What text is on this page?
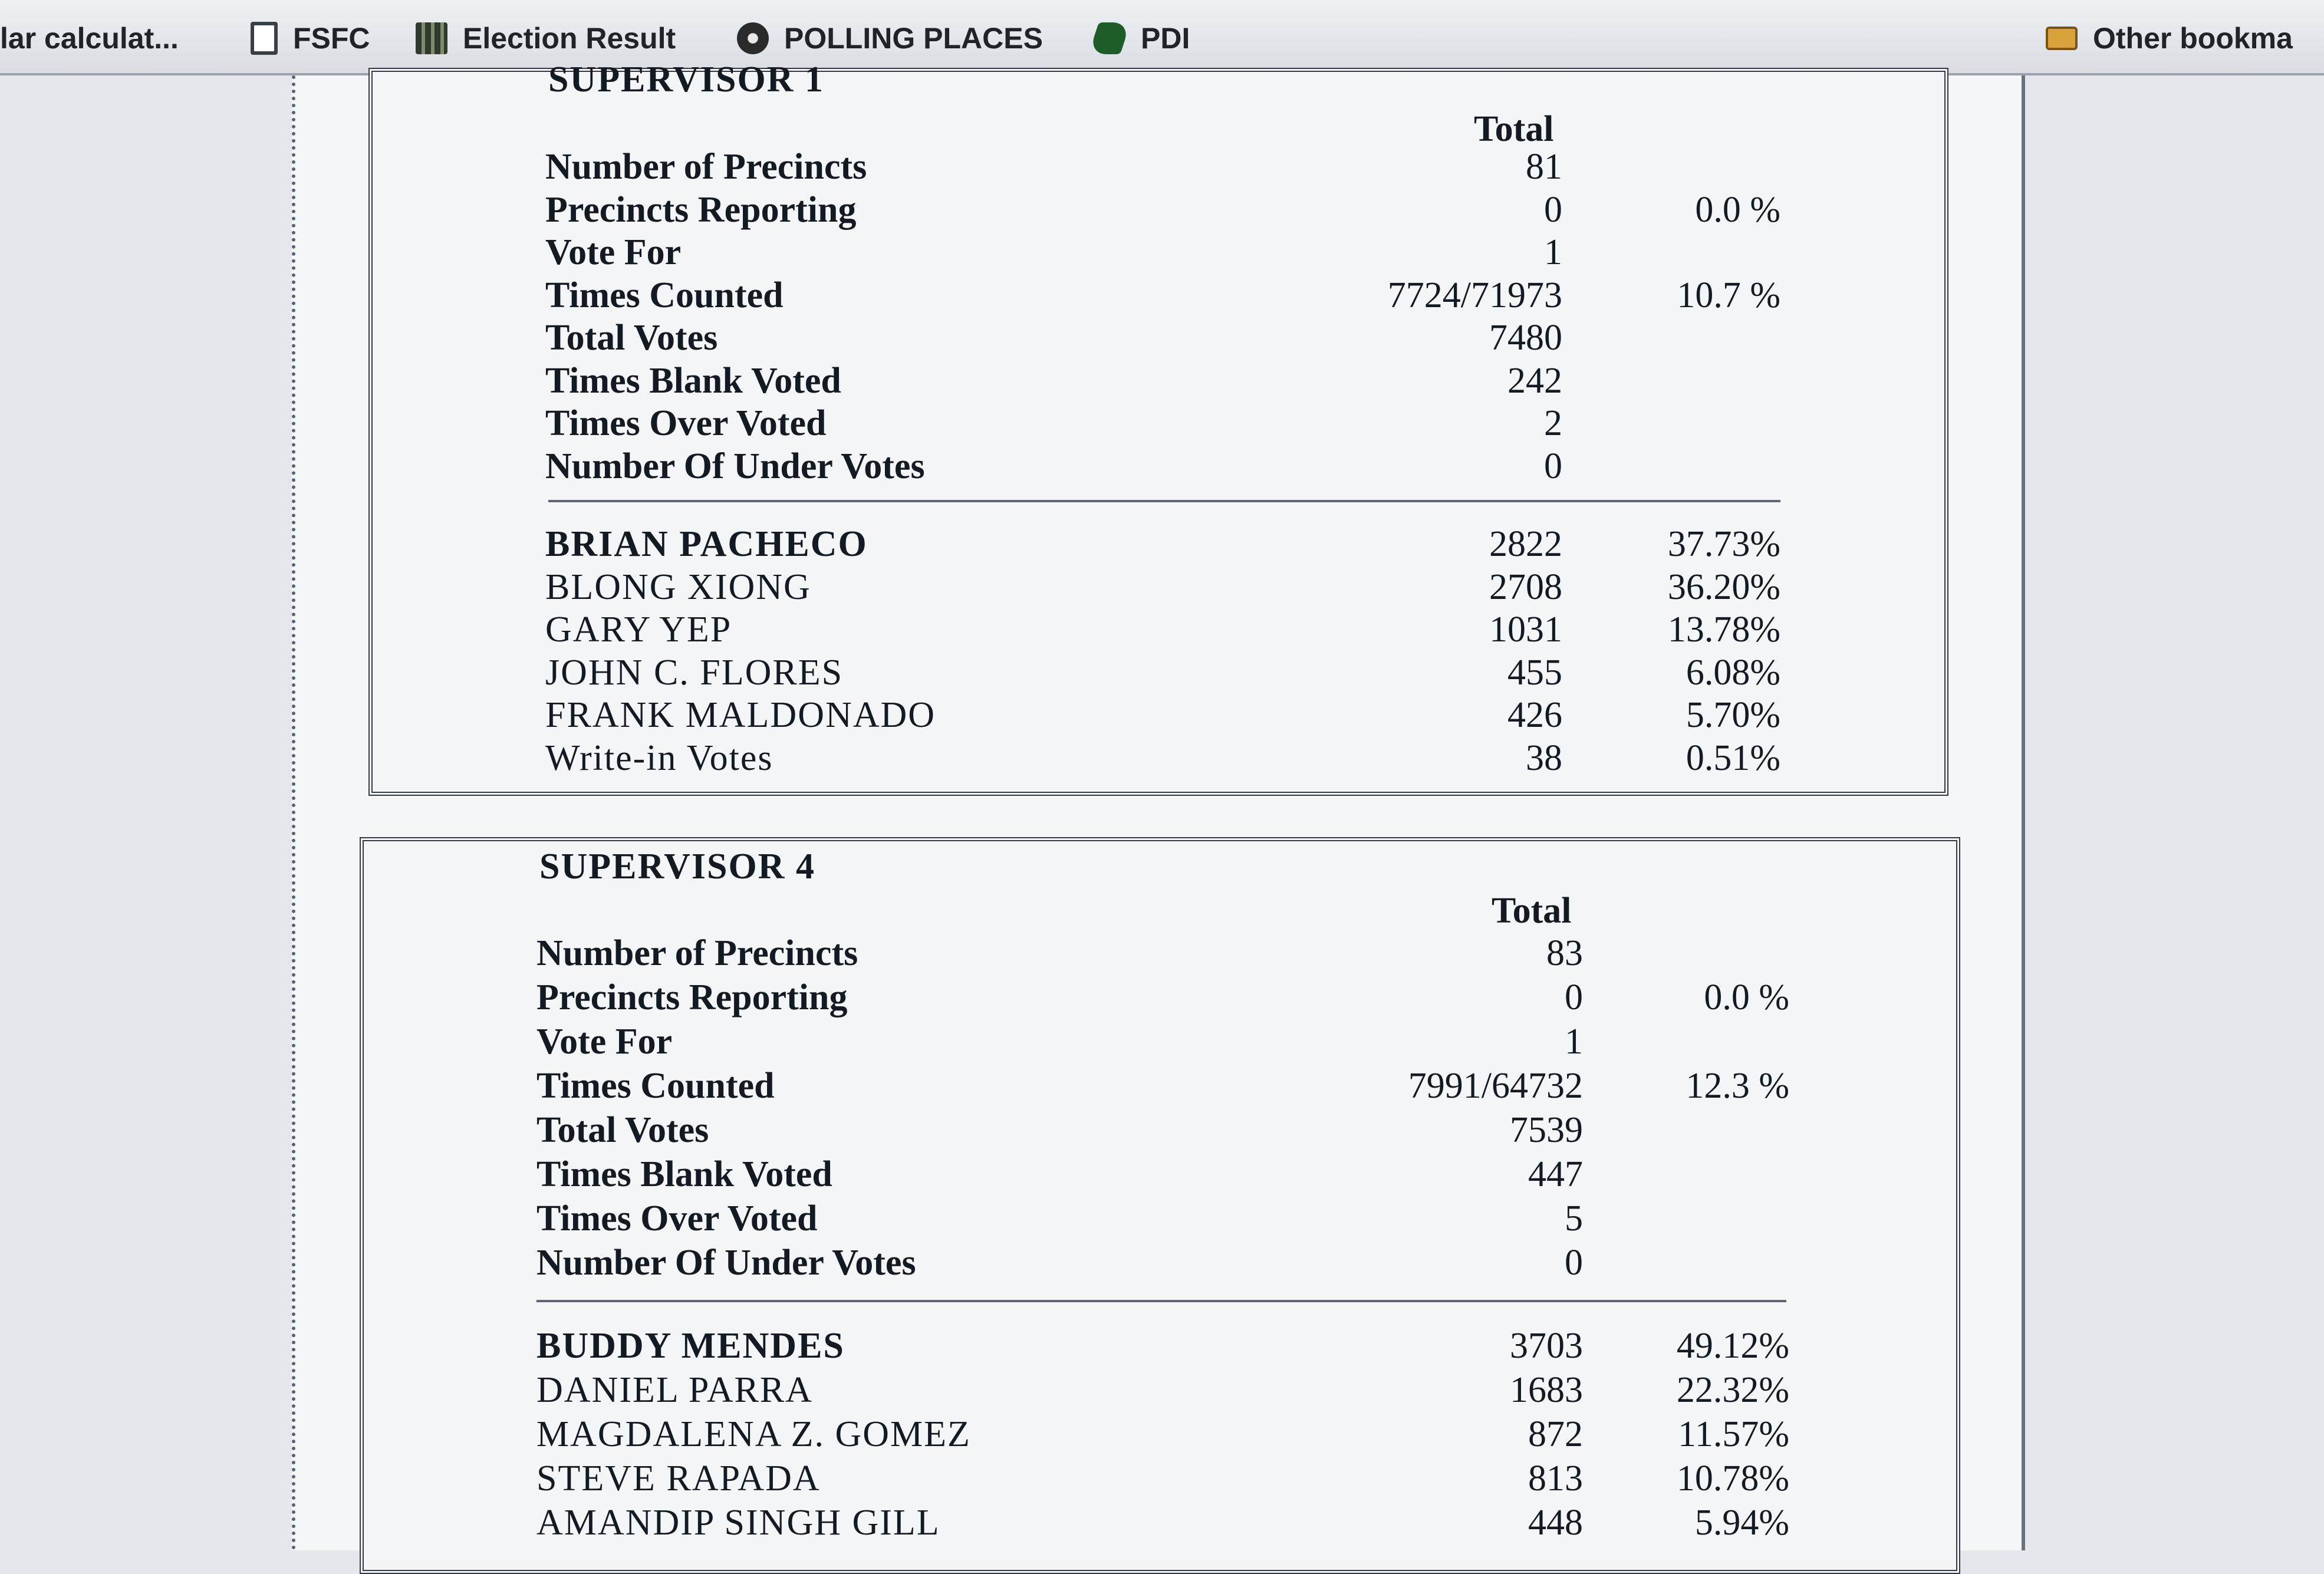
lar calculat...	FSFC	Election Result	POLLING PLACES	PDI	Other bookma
SUPERVISOR 1
Total
Number of Precincts	81
Precincts Reporting	0	0.0 %
Vote For	1
Times Counted	7724/71973	10.7 %
Total Votes	7480
Times Blank Voted	242
Times Over Voted	2
Number Of Under Votes	0
BRIAN PACHECO	2822	37.73%
BLONG XIONG	2708	36.20%
GARY YEP	1031	13.78%
JOHN C. FLORES	455	6.08%
FRANK MALDONADO	426	5.70%
Write-in Votes	38	0.51%
SUPERVISOR 4
Total
Number of Precincts	83
Precincts Reporting	0	0.0 %
Vote For	1
Times Counted	7991/64732	12.3 %
Total Votes	7539
Times Blank Voted	447
Times Over Voted	5
Number Of Under Votes	0
BUDDY MENDES	3703	49.12%
DANIEL PARRA	1683	22.32%
MAGDALENA Z. GOMEZ	872	11.57%
STEVE RAPADA	813	10.78%
AMANDIP SINGH GILL	448	5.94%
